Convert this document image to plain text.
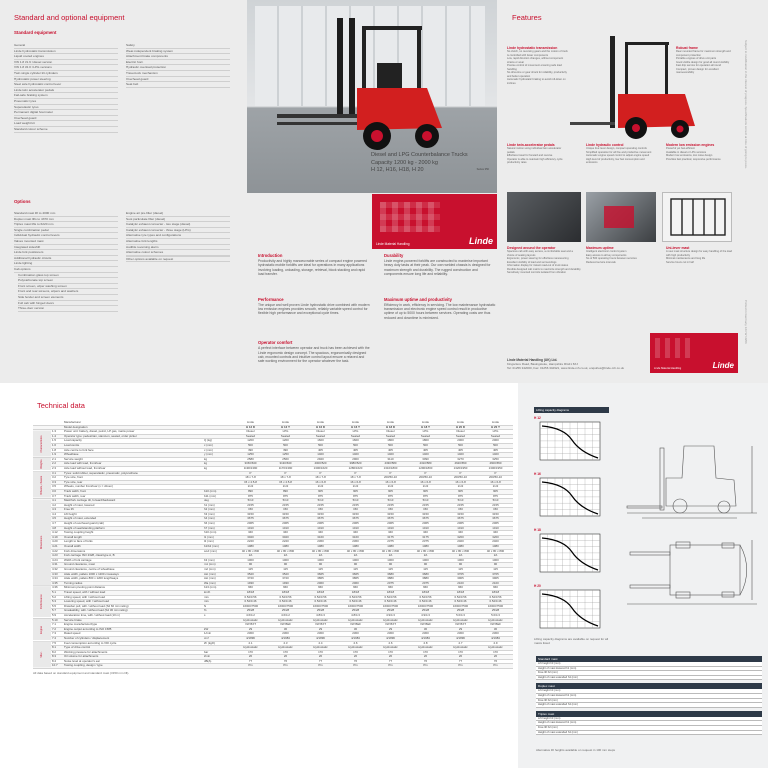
Standard and optional equipment
Standard equipment
General
Linde hydrostatic transmission
Liquid cooled engines
VW 1.8 l/1.9 l diesel version
VW 1.8 l/2.0 l LPG versions
Twin single cylinder tilt cylinders
Hydrostatic power steering
Steel axle hydrostatic control lever
Linde twin accelerator pedals
Fail-safe braking system
Pneumatic tyres
Superelastic tyres
Permanent digital hourmeter
Overhead guard
Load weight kit
Standard colour scheme
Safety
Wear-independent braking system
Attachment brake components
Electric horn
Hydraulic overload protection
Travel-lock mechanism
Overhead guard
Seat belt
Options
Standard mast lift to 4000 mm
Duplex mast lifts to 4370 mm
Triplex mast lifts to 6220 mm
Single combination pedal
Individual hydraulic control levers
Valves mounted mast
Integrated sideshift
Linde fork positioners
Additional hydraulic circuits
Linde lighting
Cab options
Combination glass top screen
Polycarbonate top screen
Front screen, wiper washing screen
Front and rear screens, wipers and washers
Side fender and screen elements
Full cab with hinged doors
Three-door version
Engine air pre-filter (diesel)
Soot particulate filter (diesel)
Catalytic exhaust converter - two stage (diesel)
Catalytic exhaust converter - three stage (LPG)
Alternative tyre types and configurations
Alternative fork lengths
Audible reversing alarm
Alternative colour schemes
Other options available on request
Diesel and LPG Counterbalance Trucks
Capacity 1200 kg - 2000 kg
H 12, H16, H18, H 20	Series 350
Linde Material Handling	Linde
Introduction
Productivity and highly manoeuvrable series of compact engine powered hydrostatic mobile forklifts are ideal for operations in many applications involving loading, unloading, storage, retrieval, block stacking and rapid load transfer.
Durability
Linde engine-powered forklifts are constructed to maximise important heavy duty tasks at their peak. Our own welded chassis is designed for maximum strength and durability. The rugged construction and components ensure long life and reliability.
Performance
The unique and well proven Linde hydrostatic drive combined with modern low emission engines provides smooth, reliably variable speed control for flexible high performance and exceptional cycle times.
Maximum uptime and productivity
Efficiency in work, efficiency in servicing. The low maintenance hydrostatic transmission and electronic engine speed control result in productive uptime of up to 5000 hours between services. Operating costs are thus reduced and downtime is minimized.
Operator comfort
A perfect interface between operator and truck has been achieved with the Linde ergonomic design concept. The spacious, ergonomically designed cab, mounted controls and intuitive control layout ensure a relaxed and safe working environment for the operator whatever the task.
Features
Linde hydrostatic transmission
No clutch, no reversing gears and the motion of truck is controlled with fewer components
Low, rapid direction changes, without component strains or wear
Precise control of movement ensuring safe load handling
No drive-line or gear shock for reliability, productivity and better operation
Automatic hydrostatic braking to avoid roll-down on inclines
Robust frame
Rear mounted frame for maximum strength and component protection
Portable engines of drive unit parts
Good visible design for good all round visibility
Fast drip service for operation all round
Compact, proven design for excellent manoeuvrability
Linde twin-accelerator pedals
Natural motion using individual twin accelerator pedals
Effortless travel for forward and reverse
Operator is able to maintain high efficiency cycle productivity rates
Linde hydraulic control
Unique four-lever design, compact operating controls
Simplified operation for all fine and productive movement
Automatic engine speed control to adjust engine speed
High level of productivity, low fuel consumption and emissions
Modern low emission engines
Powerful yet fuel-efficient
Available in diesel or LPG versions
Modern low emissions, low noise design
Provides fast practical, responsive performance
Designed around the operator
Spacious cab with easy access, a comfortable seat and a choice of seating layouts
Ergonomic, power steering for effortless manoeuvring
Excellent visibility of load and surroundings
Information display for instant read-out of truck status
Flexible designed cab matrix to maximize strength and durability
Sensitively mounted controls isolated from vibration
Maximum uptime
Intelligent electronic control system
Easy access to all key components
No of 500 operating hours between services
Reduced service intervals
Uni-lever mast
A new mast structure design for easy handling of the load with high productivity
Minimal maintenance and long life
Service hours cut in half
Linde Material Handling (UK) Ltd.
Kingsclere Road, Basingstoke, Hampshire RG21 6XJ
Tel: 01256 342000, Fax: 01256 342921, www.linde-mh.co.uk, enquiries@linde-mh.co.uk	Linde Material Handling	Linde
Subject to modification in the interest of progress. Specifications correct at time of going to press.
Printed in Germany 123 W 10/06
Technical data
		Manufacturer		Linde	Linde	Linde	Linde	Linde	Linde	Linde	Linde
		Model designation		H 12 D	H 12 T	H 16 D	H 16 T	H 18 D	H 18 T	H 20 D	H 20 T
Characteristics	1.3	Power unit: battery, diesel, petrol, LP gas, mains power		Diesel	LPG	Diesel	LPG	Diesel	LPG	Diesel	LPG
	1.4	Operator type: pedestrian, stand-on, seated, order picker		Seated	Seated	Seated	Seated	Seated	Seated	Seated	Seated
	1.5	Load capacity	Q (kg)	1200	1200	1600	1600	1800	1800	2000	2000
	1.6	Load centre	c (mm)	500	500	500	500	500	500	500	500
	1.8	Axle centre to fork face	x (mm)	390	390	405	405	405	405	405	405
	1.9	Wheelbase	y (mm)	1250	1250	1400	1400	1400	1400	1400	1400
Weights	2.1	Service weight	kg	2580	2560	2920	2900	3110	3090	3270	3250
	2.2	Axle load with load, front/rear	kg	3150/630	3130/630	4000/520	3980/520	4330/580	4310/580	4620/650	4600/650
	2.3	Axle load without load, front/rear	kg	1190/1390	1170/1390	1300/1620	1280/1620	1310/1800	1290/1800	1320/1950	1300/1950
Wheels, chassis	3.1	Tyres: solid rubber, superelastic, pneumatic, polyurethane		P	P	P	P	P	P	P	P
	3.2	Tyre size, front		18 x 7-8	18 x 7-8	18 x 7-8	18 x 7-8	200/50-10	200/50-10	200/50-10	200/50-10
	3.3	Tyre size, rear		15 x 4.5-8	15 x 4.5-8	16 x 6-8	16 x 6-8	16 x 6-8	16 x 6-8	16 x 6-8	16 x 6-8
	3.5	Wheels, number front/rear (x = driven)		2x/2	2x/2	2x/2	2x/2	2x/2	2x/2	2x/2	2x/2
	3.6	Track width, front	b10 (mm)	890	890	905	905	905	905	905	905
	3.7	Track width, rear	b11 (mm)	875	875	875	875	875	875	875	875
Dimensions	4.1	Mast/fork carriage tilt, forward/backward	deg	5/10	5/10	5/10	5/10	5/10	5/10	5/10	5/10
	4.2	Height of mast, lowered	h1 (mm)	2155	2155	2155	2155	2155	2155	2155	2155
	4.3	Free lift	h2 (mm)	150	150	150	150	150	150	150	150
	4.4	Lift height	h3 (mm)	3150	3150	3150	3150	3150	3150	3150	3150
	4.5	Height of mast, extended	h4 (mm)	3675	3675	3675	3675	3675	3675	3675	3675
	4.7	Height of overhead guard (cab)	h6 (mm)	2065	2065	2065	2065	2065	2065	2065	2065
	4.8	Height of seat/standing platform	h7 (mm)	1010	1010	1010	1010	1010	1010	1010	1010
	4.12	Towing coupling height	h10 (mm)	340	340	340	340	340	340	340	340
	4.19	Overall length	l1 (mm)	3020	3020	3160	3160	3175	3175	3200	3200
	4.20	Length to face of forks	l2 (mm)	2220	2220	2360	2360	2375	2375	2400	2400
	4.21	Overall width	b1/b2 (mm)	1080	1080	1080	1080	1080	1080	1080	1080
	4.22	Fork dimensions	s/e/l (mm)	40 x 80 x 800	40 x 80 x 800	40 x 80 x 800	40 x 80 x 800	40 x 80 x 800	40 x 80 x 800	40 x 80 x 800	40 x 80 x 800
	4.23	Fork carriage ISO 2328, class/type A, B		2A	2A	2A	2A	2A	2A	2A	2A
	4.24	Width of fork carriage	b3 (mm)	1000	1000	1000	1000	1000	1000	1000	1000
	4.31	Ground clearance, mast	m1 (mm)	90	90	90	90	90	90	90	90
	4.32	Ground clearance, centre of wheelbase	m2 (mm)	115	115	115	115	115	115	115	115
	4.33	Aisle width, pallets 1000 x 1200 crossways	Ast (mm)	3520	3520	3665	3665	3680	3680	3705	3705
	4.34	Aisle width, pallets 800 x 1200 lengthways	Ast (mm)	3720	3720	3865	3865	3880	3880	3905	3905
	4.35	Turning radius	Wa (mm)	1930	1930	2060	2060	2075	2075	2100	2100
Performance	4.36	Minimum pivoting point distance	b13 (mm)	660	660	660	660	660	660	660	660
	5.1	Travel speed, with / without load	km/h	18/18	18/18	18/18	18/18	18/18	18/18	18/18	18/18
	5.2	Lifting speed, with / without load	m/s	0.52/0.56	0.52/0.56	0.52/0.56	0.52/0.56	0.52/0.56	0.52/0.56	0.52/0.56	0.52/0.56
	5.3	Lowering speed, with / without load	m/s	0.52/0.46	0.52/0.46	0.52/0.46	0.52/0.46	0.52/0.46	0.52/0.46	0.52/0.46	0.52/0.46
	5.5	Drawbar pull, with / without load (S2 60 min rating)	N	16000/7500	16000/7500	16000/7500	16000/7500	16000/7500	16000/7500	16000/7500	16000/7500
	5.7	Gradeability, with / without load (S2 30 min rating)	%	25/28	25/28	25/28	25/28	25/28	25/28	25/28	25/28
	5.9	Acceleration time, with / without load (10 m)	s	4.6/4.2	4.6/4.2	4.8/4.3	4.8/4.3	4.9/4.3	4.9/4.3	5.0/4.3	5.0/4.3
Engine	5.10	Service brake		Hydrostatic	Hydrostatic	Hydrostatic	Hydrostatic	Hydrostatic	Hydrostatic	Hydrostatic	Hydrostatic
	7.1	Engine manufacturer/type		VW BXT	VW BEF	VW BXT	VW BEF	VW BXT	VW BEF	VW BXT	VW BEF
	7.2	Engine output according to ISO 1585	kW	29	30	29	30	29	30	29	30
	7.3	Rated speed	1/min	2300	2300	2300	2300	2300	2300	2300	2300
	7.4	Number of cylinders / displacement	cm³	4/1896	4/1984	4/1896	4/1984	4/1896	4/1984	4/1896	4/1984
Misc.	7.5	Fuel consumption according to VDI cycle	l/h (kg/h)	2.1	2.3	2.4	2.6	2.6	2.8	2.7	2.9
	8.1	Type of drive control		Hydrostatic	Hydrostatic	Hydrostatic	Hydrostatic	Hydrostatic	Hydrostatic	Hydrostatic	Hydrostatic
	8.2	Working pressure for attachments	bar	170	170	170	170	170	170	170	170
	8.3	Oil volume for attachments	l/min	20	20	20	20	20	20	20	20
	8.4	Noise level at operator's ear	dB(A)	77	76	77	76	77	76	77	76
	10.7	Towing coupling, design / type		Pin	Pin	Pin	Pin	Pin	Pin	Pin	Pin
All data based on standard equipment and standard mast (3150 mm lift).
Lifting capacity diagrams
H 12
H 16
H 18
H 20
Lifting capacity diagrams are available on request for all masts listed
Standard mast
Lift height h3 (mm)
Height of mast lowered h1 (mm)
Free lift h2 (mm)
Height of mast extended h4 (mm)
Duplex mast
Lift height h3 (mm)
Height of mast lowered h1 (mm)
Free lift h2 (mm)
Height of mast extended h4 (mm)
Triplex mast
Lift height h3 (mm)
Height of mast lowered h1 (mm)
Free lift h2 (mm)
Height of mast extended h4 (mm)
Alternative lift heights available on request in 100 mm steps
